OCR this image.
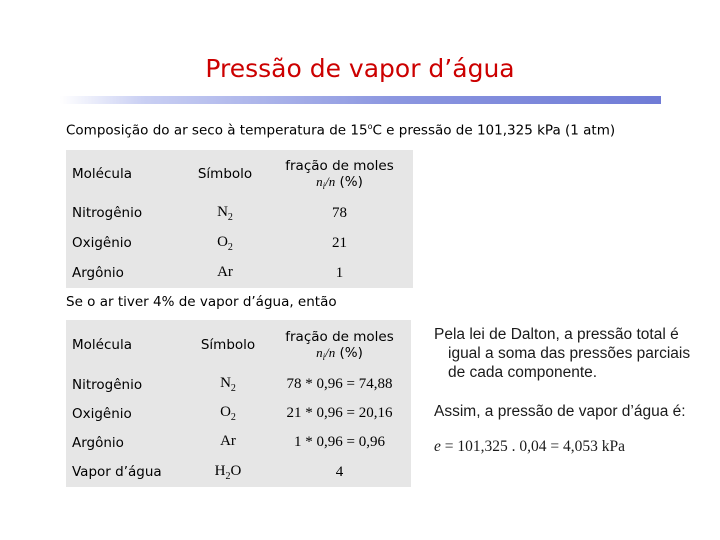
Pressão de vapor d’água
Composição do ar seco à temperatura de 15$^o$C e pressão de 101,325 kPa (1 atm)
Molécula	Símbolo	fração de moles
$n_i/n$ (%)

Nitrogênio	$N_2$	78
Oxigênio	$O_2$	21
Argônio	Ar	1
Se o ar tiver 4% de vapor d’água, então
Molécula	Símbolo	fração de moles
$n_i/n$ (%)

Nitrogênio	$N_2$	78 * 0,96 = 74,88
Oxigênio	$O_2$	21 * 0,96 = 20,16
Argônio	Ar	1 * 0,96 = 0,96
Vapor d’água	$H_2O$	4
Pela lei de Dalton, a pressão total é
igual a soma das pressões parciais de cada componente.
Assim, a pressão de vapor d’água é:
e = 101,325 . 0,04 = 4,053 kPa
